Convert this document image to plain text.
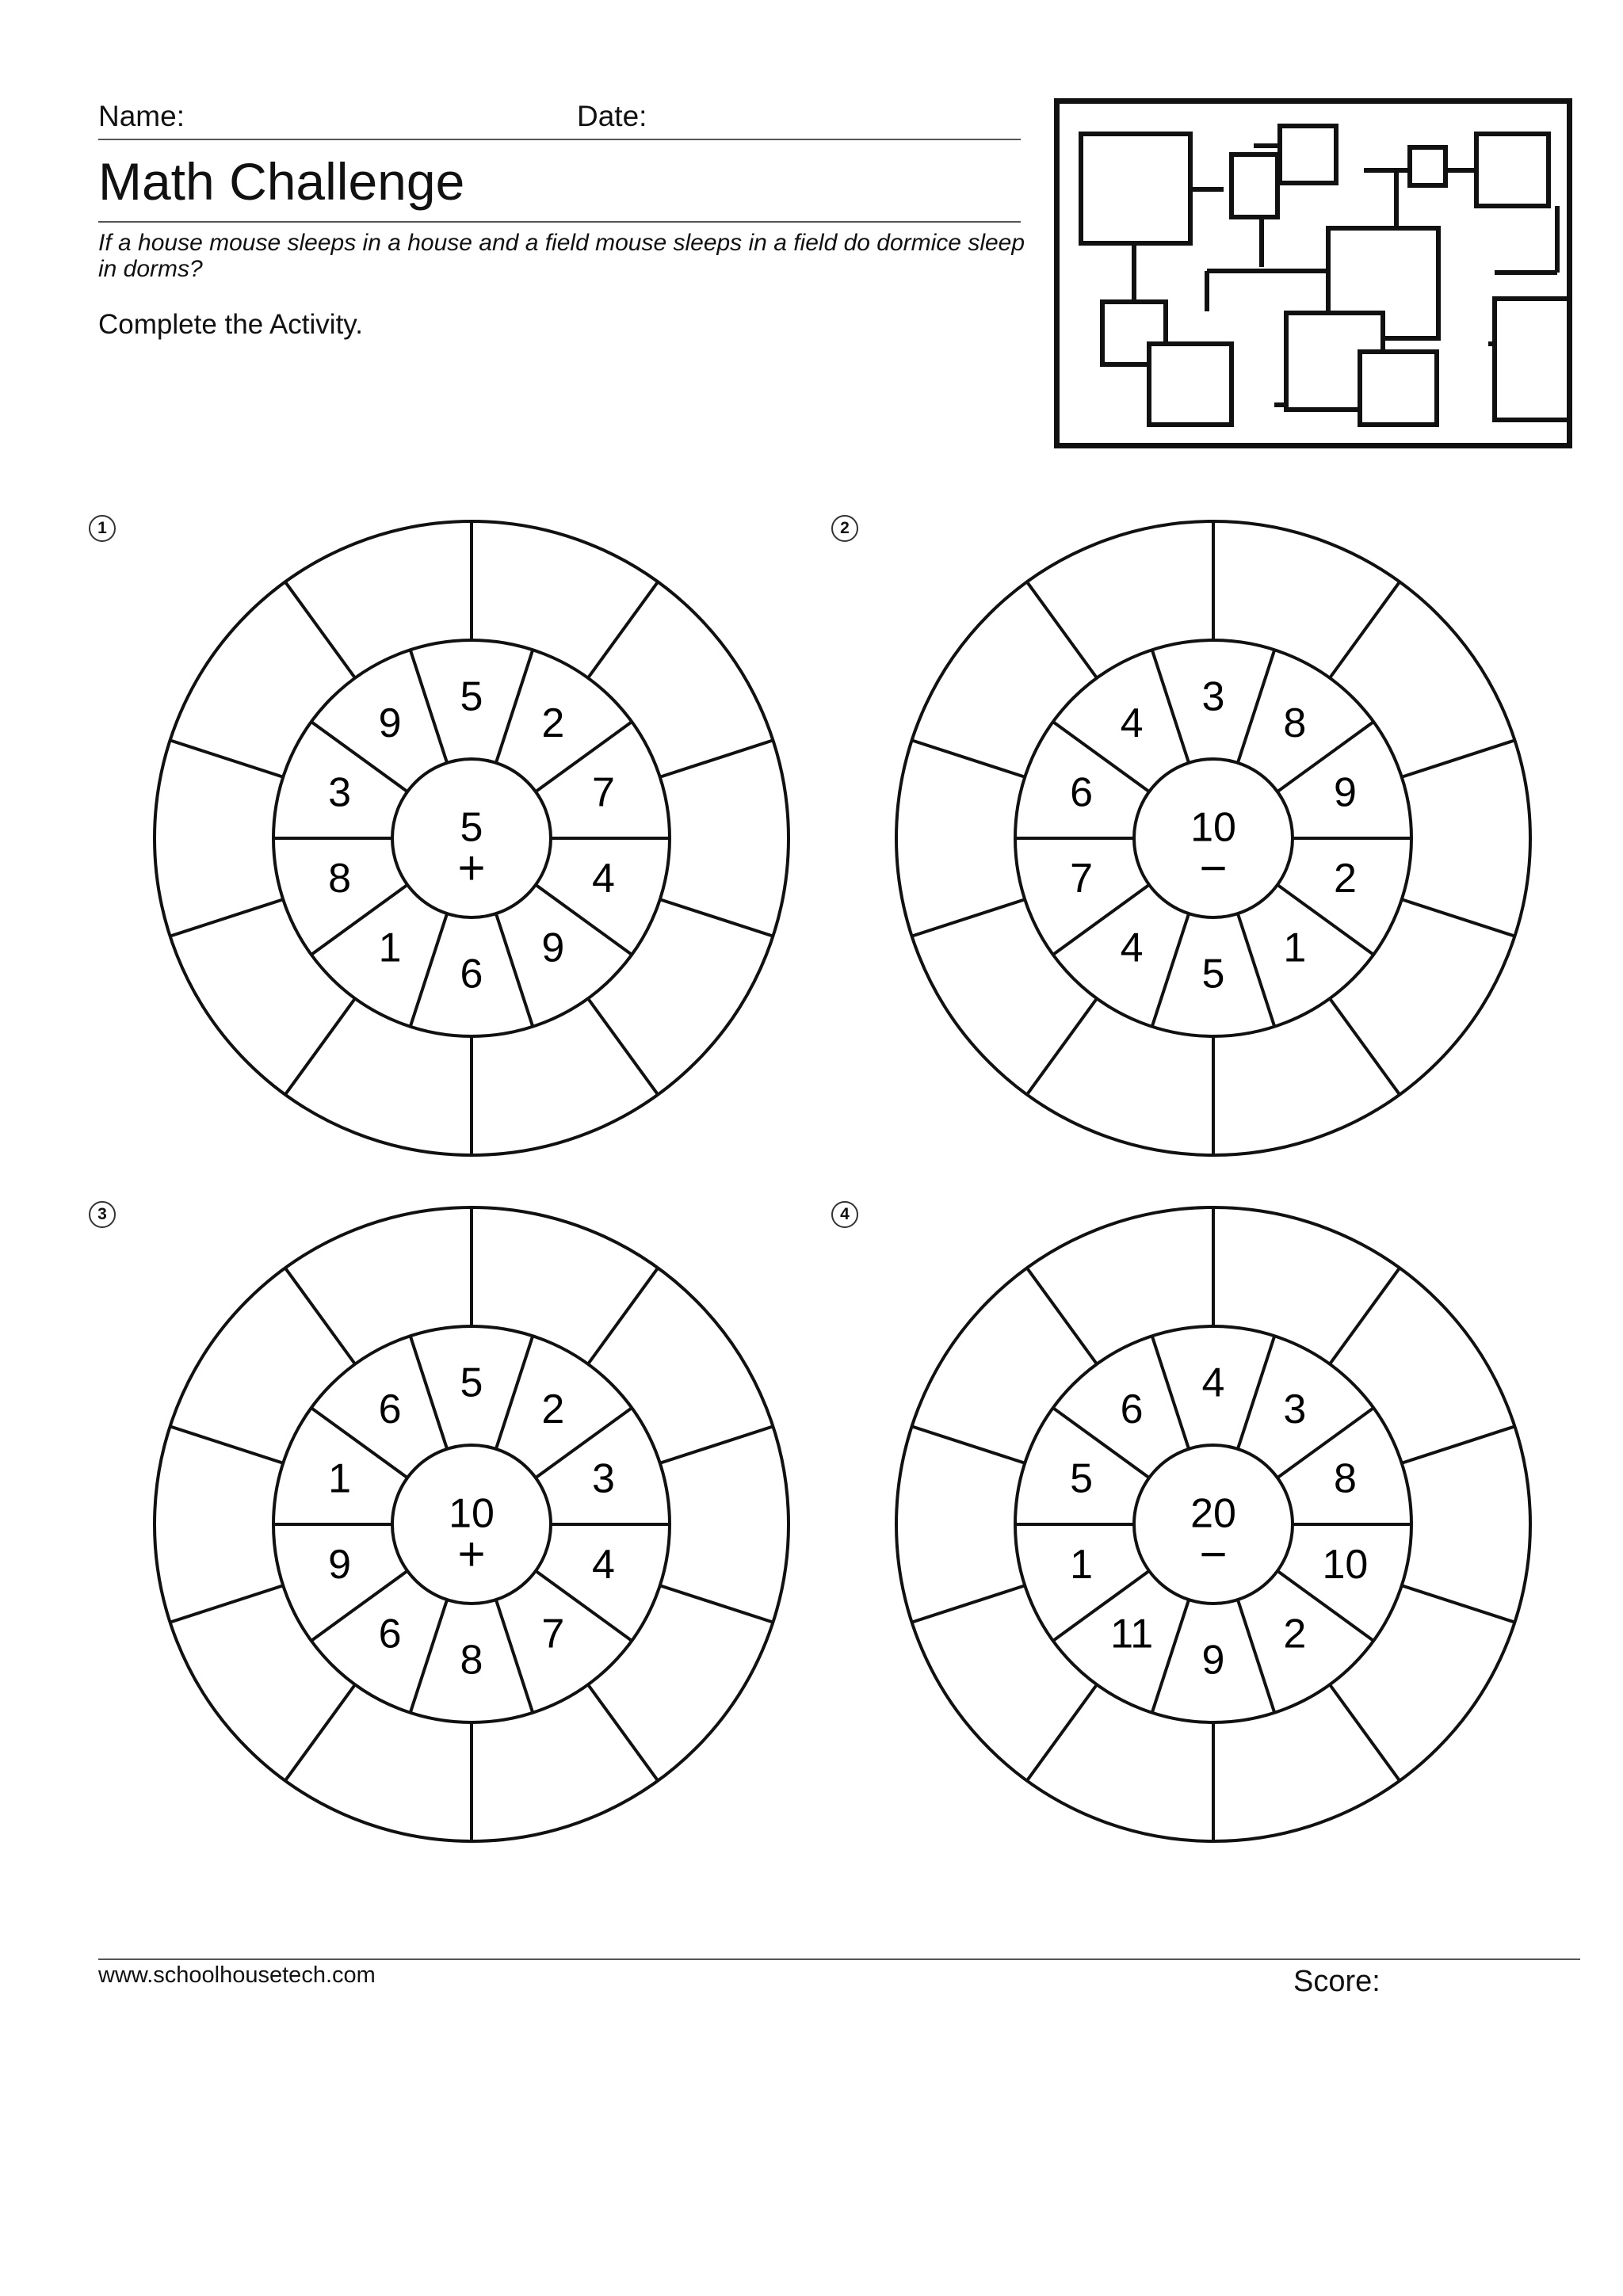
Name:	Date:
Math Challenge

If a house mouse sleeps in a house and a field mouse sleeps in a field do dormice sleep in dorms?

Complete the Activity.
1
5
2
7
4
9
6
1
8
3
9
5
+
2
3
8
9
2
1
5
4
7
6
4
10
−
3
5
2
3
4
7
8
6
9
1
6
10
+
4
4
3
8
10
2
9
11
1
5
6
20
−
www.schoolhousetech.com	Score:
